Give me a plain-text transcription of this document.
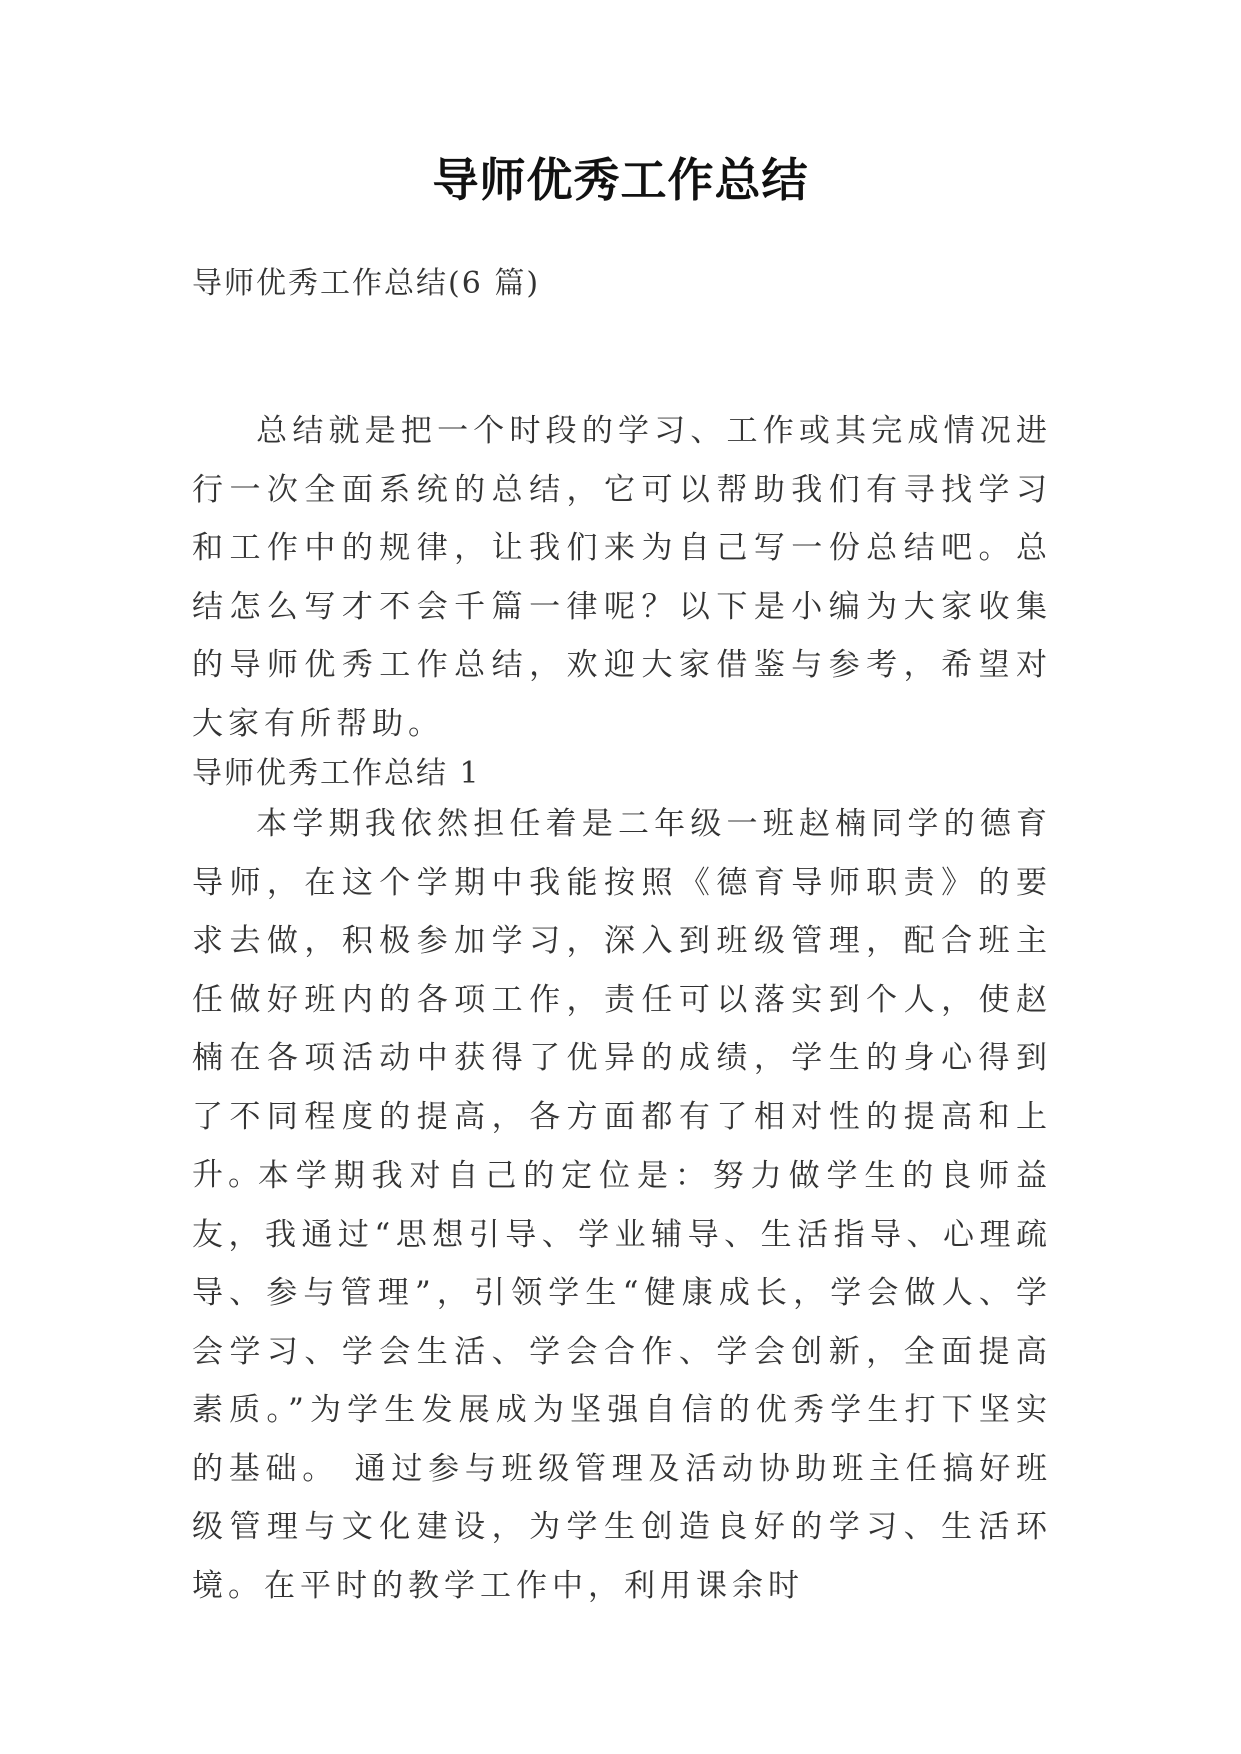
导师优秀工作总结

导师优秀工作总结(6 篇)

总结就是把一个时段的学习、工作或其完成情况进行一次全面系统的总结，它可以帮助我们有寻找学习和工作中的规律，让我们来为自己写一份总结吧。总结怎么写才不会千篇一律呢？以下是小编为大家收集的导师优秀工作总结，欢迎大家借鉴与参考，希望对大家有所帮助。

导师优秀工作总结 1

本学期我依然担任着是二年级一班赵楠同学的德育导师，在这个学期中我能按照《德育导师职责》的要求去做，积极参加学习，深入到班级管理，配合班主任做好班内的各项工作，责任可以落实到个人，使赵楠在各项活动中获得了优异的成绩，学生的身心得到了不同程度的提高，各方面都有了相对性的提高和上升。

本学期我对自己的定位是：努力做学生的良师益友，我通过“思想引导、学业辅导、生活指导、心理疏导、参与管理”，引领学生“健康成长，学会做人、学会学习、学会生活、学会合作、学会创新，全面提高素质。”为学生发展成为坚强自信的优秀学生打下坚实的基础。 通过参与班级管理及活动协助班主任搞好班级管理与文化建设，为学生创造良好的学习、生活环境。在平时的教学工作中，利用课余时
